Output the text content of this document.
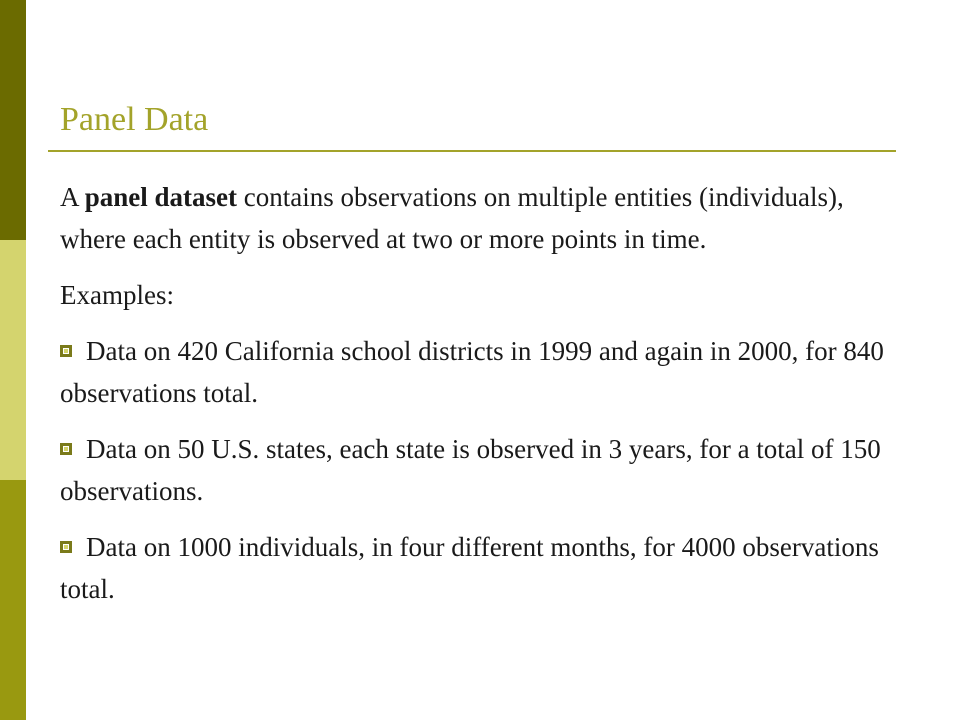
Panel Data

A panel dataset contains observations on multiple entities (individuals), where each entity is observed at two or more points in time.

Examples:

Data on 420 California school districts in 1999 and again in 2000, for 840 observations total.

Data on 50 U.S. states, each state is observed in 3 years, for a total of 150 observations.

Data on 1000 individuals, in four different months, for 4000 observations total.
